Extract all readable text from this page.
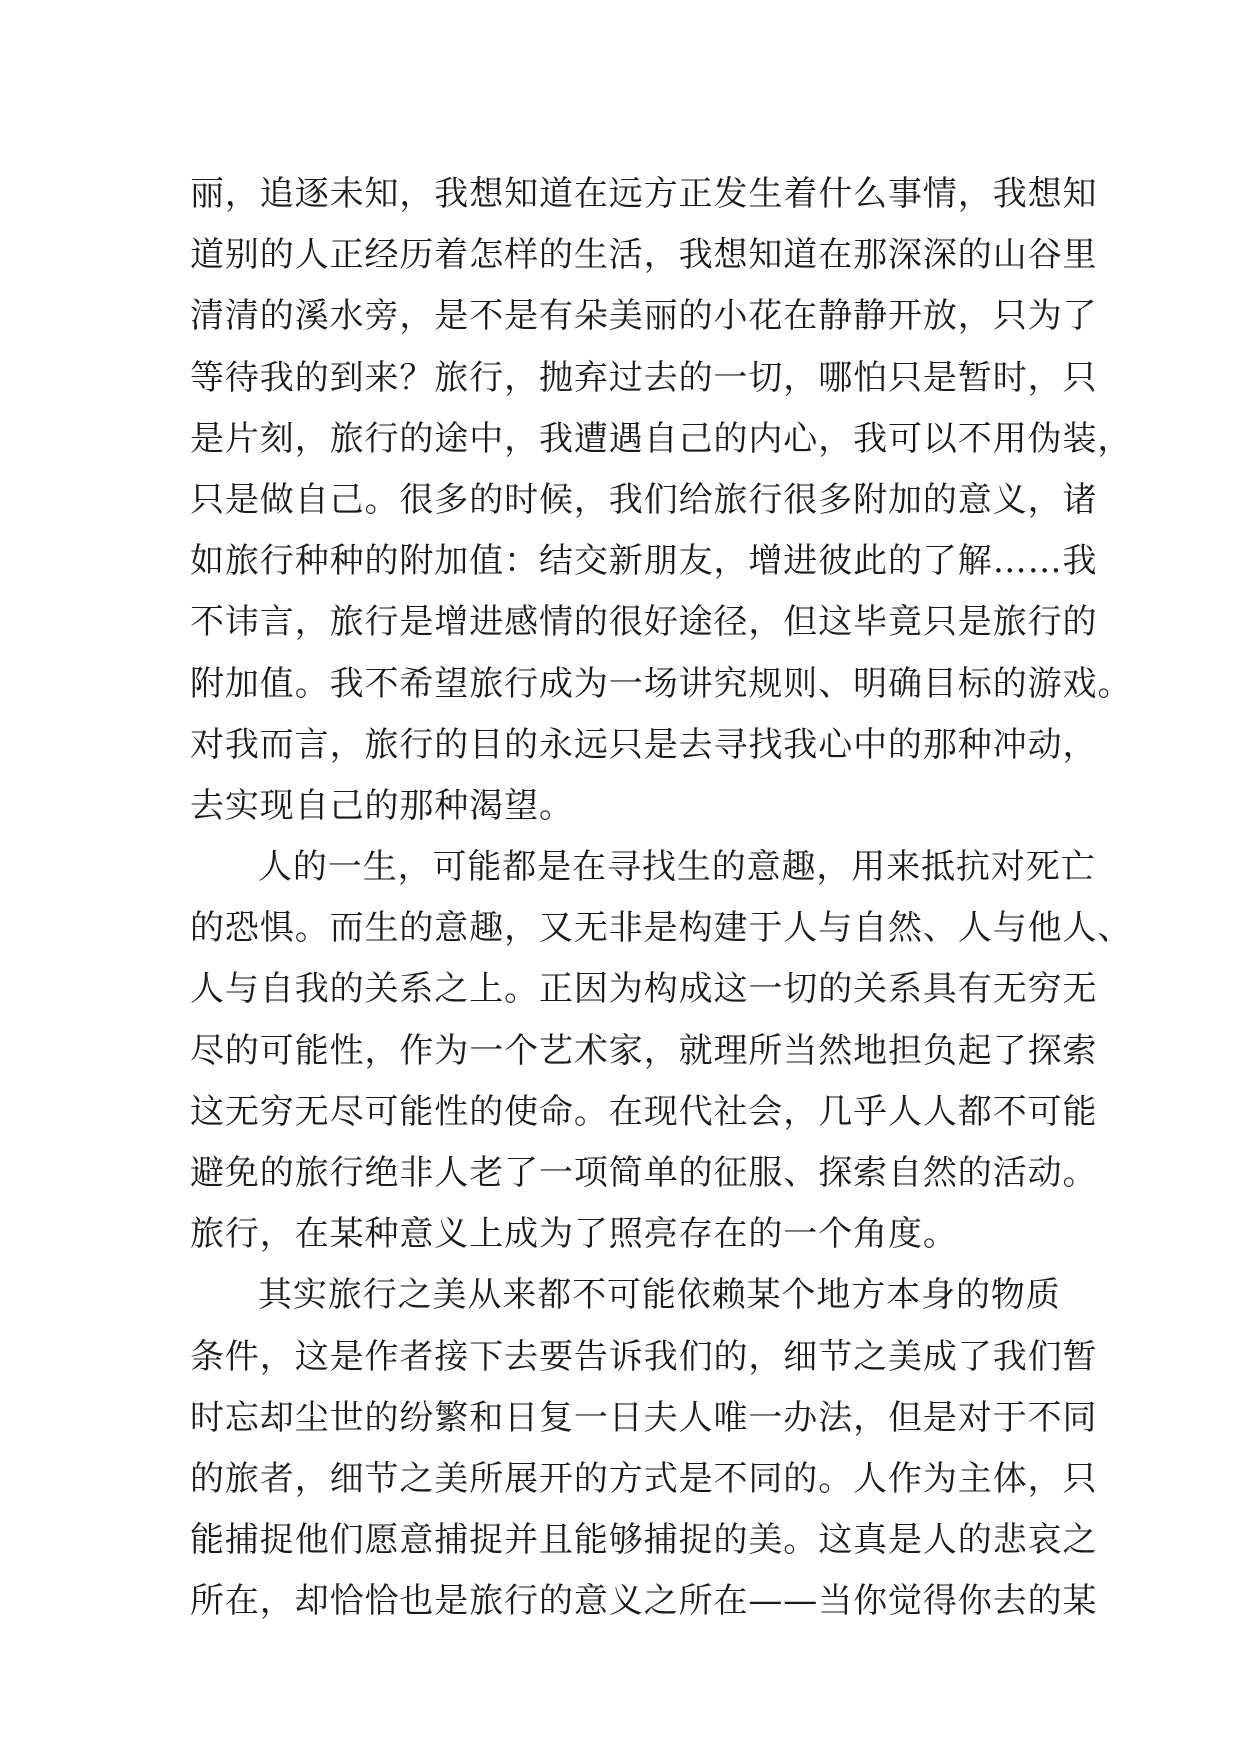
丽，追逐未知，我想知道在远方正发生着什么事情，我想知
道别的人正经历着怎样的生活，我想知道在那深深的山谷里
清清的溪水旁，是不是有朵美丽的小花在静静开放，只为了
等待我的到来？旅行，抛弃过去的一切，哪怕只是暂时，只
是片刻，旅行的途中，我遭遇自己的内心，我可以不用伪装，
只是做自己。很多的时候，我们给旅行很多附加的意义，诸
如旅行种种的附加值：结交新朋友，增进彼此的了解……我
不讳言，旅行是增进感情的很好途径，但这毕竟只是旅行的
附加值。我不希望旅行成为一场讲究规则、明确目标的游戏。
对我而言，旅行的目的永远只是去寻找我心中的那种冲动，
去实现自己的那种渴望。
人的一生，可能都是在寻找生的意趣，用来抵抗对死亡
的恐惧。而生的意趣，又无非是构建于人与自然、人与他人、
人与自我的关系之上。正因为构成这一切的关系具有无穷无
尽的可能性，作为一个艺术家，就理所当然地担负起了探索
这无穷无尽可能性的使命。在现代社会，几乎人人都不可能
避免的旅行绝非人老了一项简单的征服、探索自然的活动。
旅行，在某种意义上成为了照亮存在的一个角度。
其实旅行之美从来都不可能依赖某个地方本身的物质
条件，这是作者接下去要告诉我们的，细节之美成了我们暂
时忘却尘世的纷繁和日复一日夫人唯一办法，但是对于不同
的旅者，细节之美所展开的方式是不同的。人作为主体，只
能捕捉他们愿意捕捉并且能够捕捉的美。这真是人的悲哀之
所在，却恰恰也是旅行的意义之所在——当你觉得你去的某
